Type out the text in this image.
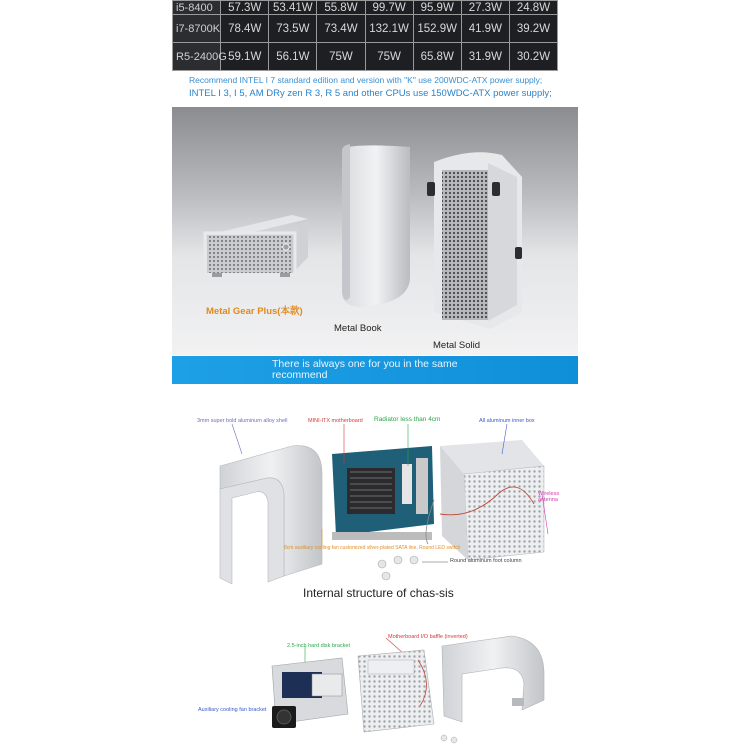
i5-8400	57.3W	53.41W	55.8W	99.7W	95.9W	27.3W	24.8W
i7-8700K	78.4W	73.5W	73.4W	132.1W	152.9W	41.9W	39.2W
R5-2400G	59.1W	56.1W	75W	75W	65.8W	31.9W	30.2W
Recommend INTEL I 7 standard edition and version with "K" use 200WDC-ATX power supply;
INTEL I 3, I 5, AM DRy zen R 3, R 5 and other CPUs use 150WDC-ATX power supply;
Metal Gear Plus(本款)
Metal Book
Metal Solid
There is always one for you in the same recommend
3mm super bold aluminum alloy shell	MINI-ITX motherboard Radiator less than 4cm	All aluminum inner box
Wireless antenna
8cm auxiliary cooling fan customized silver-plated SATA line, Round LED switch
Round aluminum foot column
Internal structure of chas-sis
2.5-inch hard disk bracket
Motherboard I/O baffle (inverted)
Auxiliary cooling fan bracket
